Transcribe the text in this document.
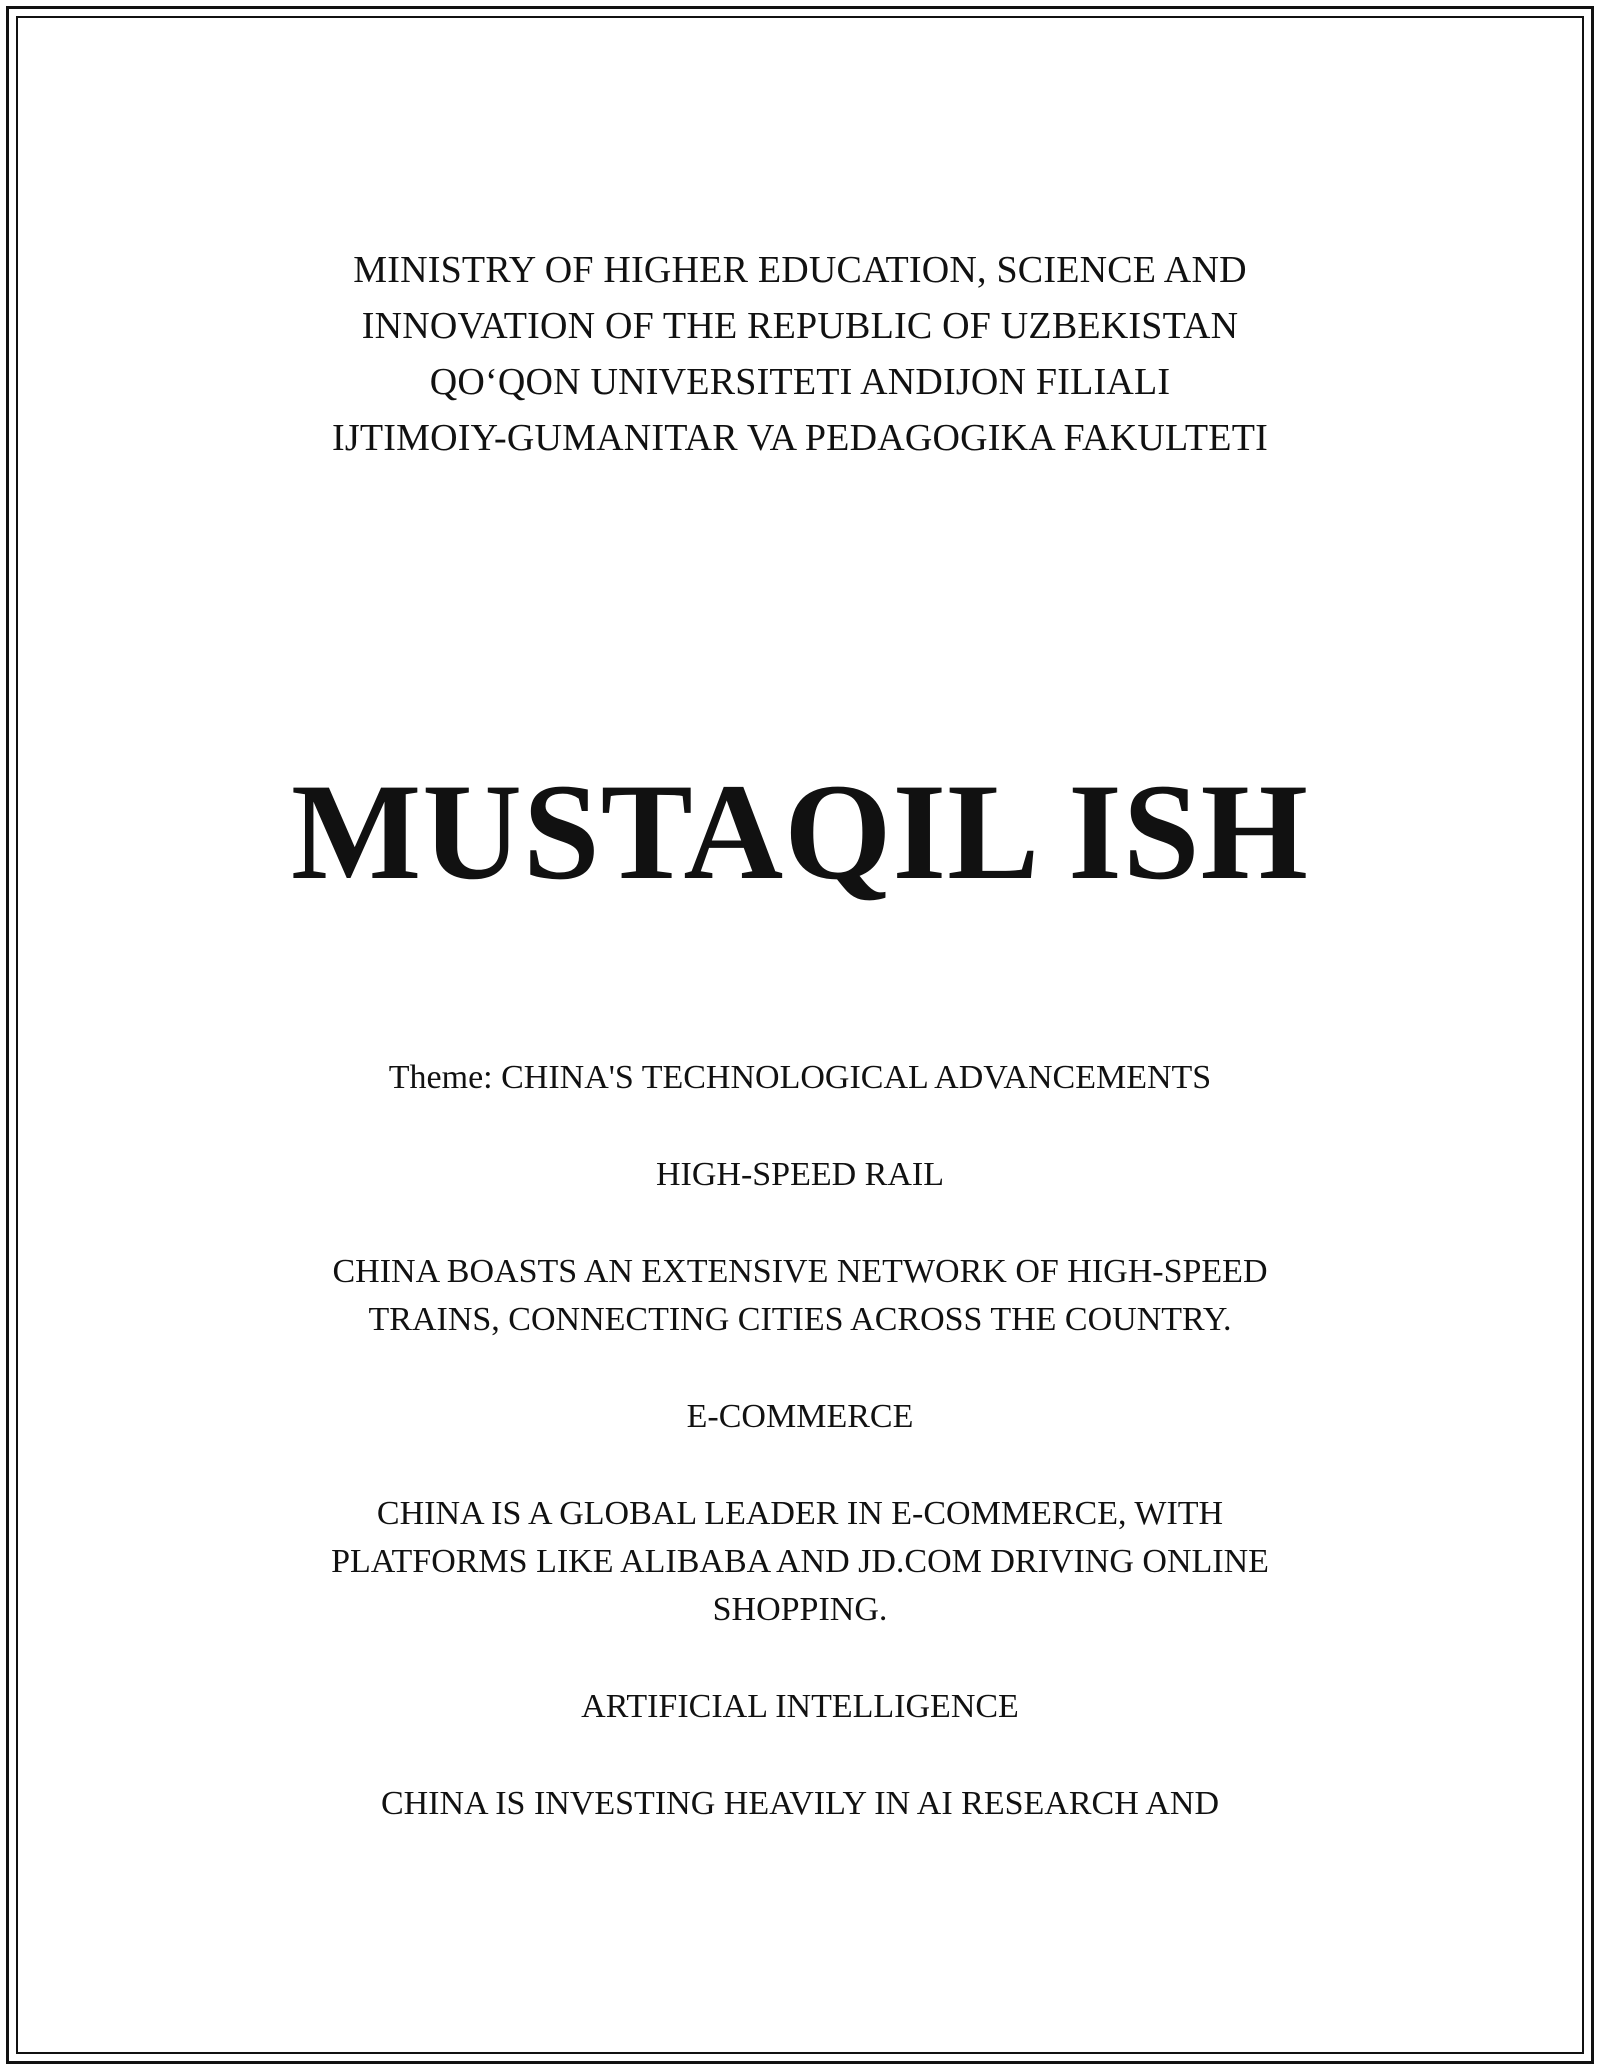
MINISTRY OF HIGHER EDUCATION, SCIENCE AND
INNOVATION OF THE REPUBLIC OF UZBEKISTAN
QO‘QON UNIVERSITETI ANDIJON FILIALI
IJTIMOIY-GUMANITAR VA PEDAGOGIKA FAKULTETI
MUSTAQIL ISH
Theme: CHINA'S TECHNOLOGICAL ADVANCEMENTS
HIGH-SPEED RAIL
CHINA BOASTS AN EXTENSIVE NETWORK OF HIGH-SPEED
TRAINS, CONNECTING CITIES ACROSS THE COUNTRY.
E-COMMERCE
CHINA IS A GLOBAL LEADER IN E-COMMERCE, WITH
PLATFORMS LIKE ALIBABA AND JD.COM DRIVING ONLINE
SHOPPING.
ARTIFICIAL INTELLIGENCE
CHINA IS INVESTING HEAVILY IN AI RESEARCH AND
